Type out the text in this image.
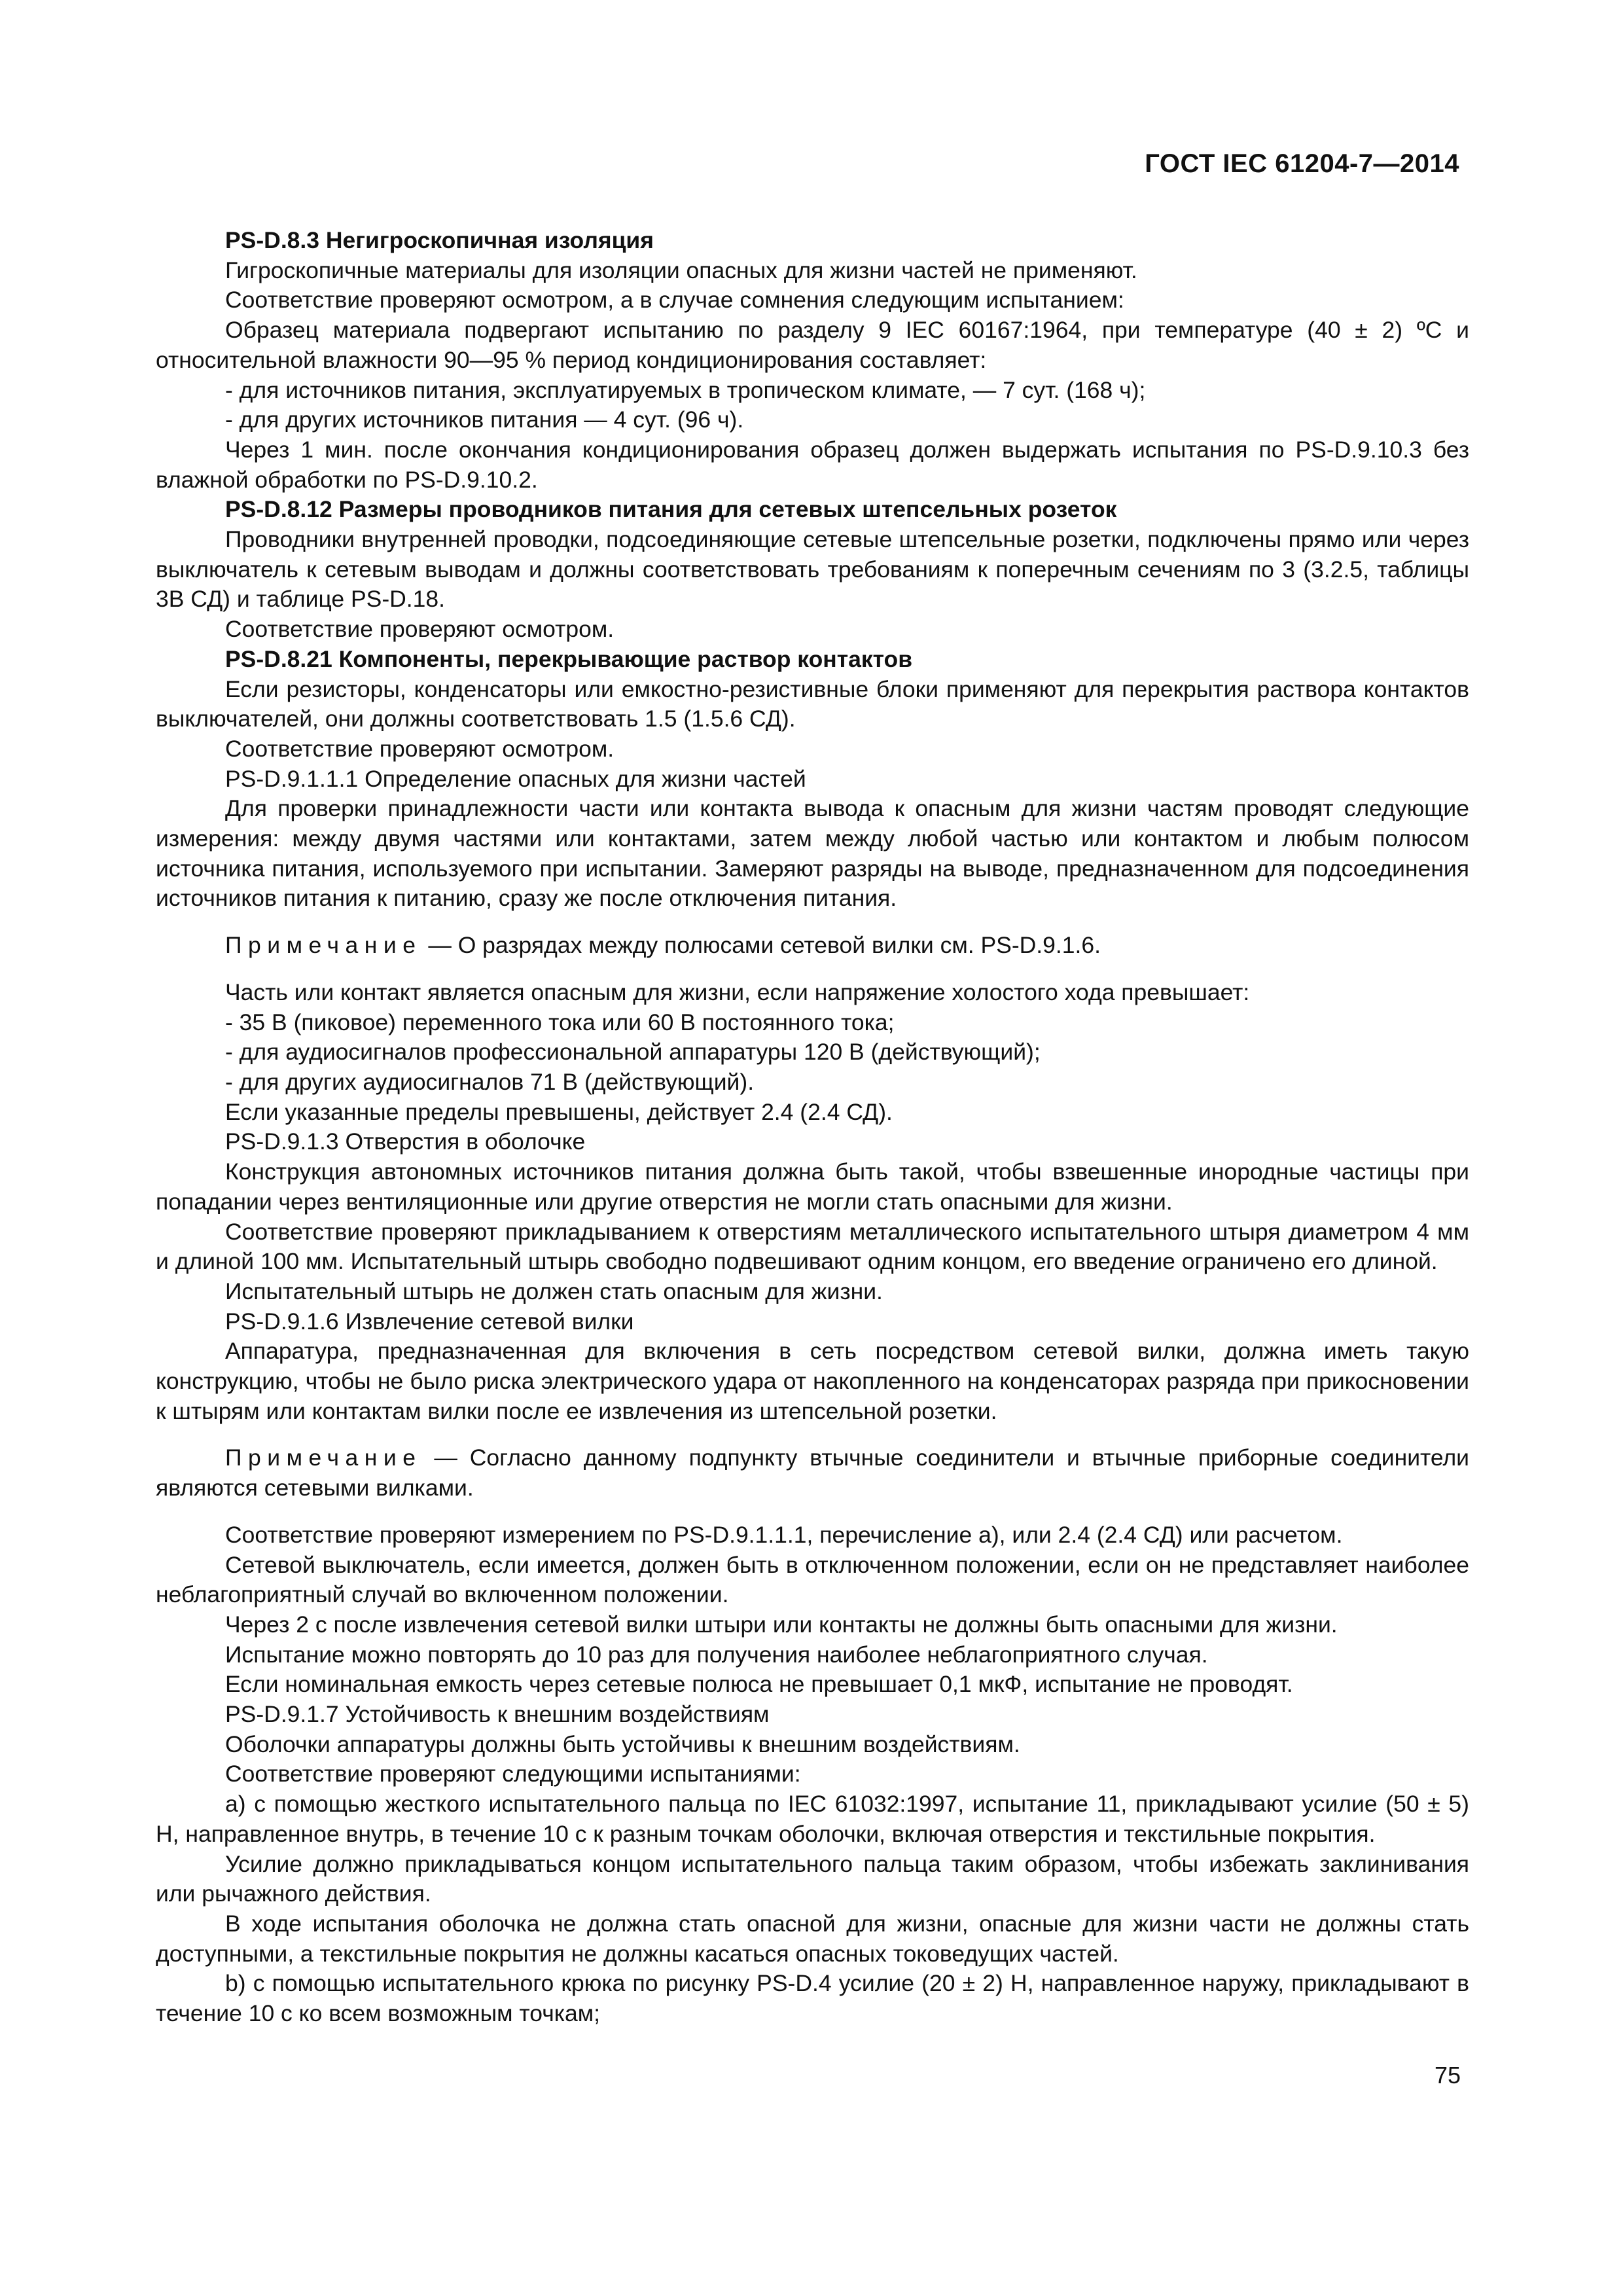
ГОСТ IEC 61204-7—2014

PS-D.8.3 Негигроскопичная изоляция

Гигроскопичные материалы для изоляции опасных для жизни частей не применяют.

Соответствие проверяют осмотром, а в случае сомнения следующим испытанием:

Образец материала подвергают испытанию по разделу 9 IEC 60167:1964, при температуре (40 ± 2) ºC и относительной влажности 90—95 % период кондиционирования составляет:

- для источников питания, эксплуатируемых в тропическом климате, — 7 сут. (168 ч);

- для других источников питания — 4 сут. (96 ч).

Через 1 мин. после окончания кондиционирования образец должен выдержать испытания по PS-D.9.10.3 без влажной обработки по PS-D.9.10.2.

PS-D.8.12 Размеры проводников питания для сетевых штепсельных розеток

Проводники внутренней проводки, подсоединяющие сетевые штепсельные розетки, подключены прямо или через выключатель к сетевым выводам и должны соответствовать требованиям к поперечным сечениям по 3 (3.2.5, таблицы 3В СД) и таблице PS-D.18.

Соответствие проверяют осмотром.

PS-D.8.21 Компоненты, перекрывающие раствор контактов

Если резисторы, конденсаторы или емкостно-резистивные блоки применяют для перекрытия раствора контактов выключателей, они должны соответствовать 1.5 (1.5.6 СД).

Соответствие проверяют осмотром.

PS-D.9.1.1.1 Определение опасных для жизни частей

Для проверки принадлежности части или контакта вывода к опасным для жизни частям проводят следующие измерения: между двумя частями или контактами, затем между любой частью или контактом и любым полюсом источника питания, используемого при испытании. Замеряют разряды на выводе, предназначенном для подсоединения источников питания к питанию, сразу же после отключения питания.

Примечание — О разрядах между полюсами сетевой вилки см. PS-D.9.1.6.

Часть или контакт является опасным для жизни, если напряжение холостого хода превышает:

- 35 В (пиковое) переменного тока или 60 В постоянного тока;

- для аудиосигналов профессиональной аппаратуры 120 В (действующий);

- для других аудиосигналов 71 В (действующий).

Если указанные пределы превышены, действует 2.4 (2.4 СД).

PS-D.9.1.3 Отверстия в оболочке

Конструкция автономных источников питания должна быть такой, чтобы взвешенные инородные частицы при попадании через вентиляционные или другие отверстия не могли стать опасными для жизни.

Соответствие проверяют прикладыванием к отверстиям металлического испытательного штыря диаметром 4 мм и длиной 100 мм. Испытательный штырь свободно подвешивают одним концом, его введение ограничено его длиной.

Испытательный штырь не должен стать опасным для жизни.

PS-D.9.1.6 Извлечение сетевой вилки

Аппаратура, предназначенная для включения в сеть посредством сетевой вилки, должна иметь такую конструкцию, чтобы не было риска электрического удара от накопленного на конденсаторах разряда при прикосновении к штырям или контактам вилки после ее извлечения из штепсельной розетки.

Примечание — Согласно данному подпункту втычные соединители и втычные приборные соединители являются сетевыми вилками.

Соответствие проверяют измерением по PS-D.9.1.1.1, перечисление а), или 2.4 (2.4 СД) или расчетом.

Сетевой выключатель, если имеется, должен быть в отключенном положении, если он не представляет наиболее неблагоприятный случай во включенном положении.

Через 2 с после извлечения сетевой вилки штыри или контакты не должны быть опасными для жизни.

Испытание можно повторять до 10 раз для получения наиболее неблагоприятного случая.

Если номинальная емкость через сетевые полюса не превышает 0,1 мкФ, испытание не проводят.

PS-D.9.1.7 Устойчивость к внешним воздействиям

Оболочки аппаратуры должны быть устойчивы к внешним воздействиям.

Соответствие проверяют следующими испытаниями:

a) с помощью жесткого испытательного пальца по IEC 61032:1997, испытание 11, прикладывают усилие (50 ± 5) Н, направленное внутрь, в течение 10 с к разным точкам оболочки, включая отверстия и текстильные покрытия.

Усилие должно прикладываться концом испытательного пальца таким образом, чтобы избежать заклинивания или рычажного действия.

В ходе испытания оболочка не должна стать опасной для жизни, опасные для жизни части не должны стать доступными, а текстильные покрытия не должны касаться опасных токоведущих частей.

b) с помощью испытательного крюка по рисунку PS-D.4 усилие (20 ± 2) Н, направленное наружу, прикладывают в течение 10 с ко всем возможным точкам;

75
